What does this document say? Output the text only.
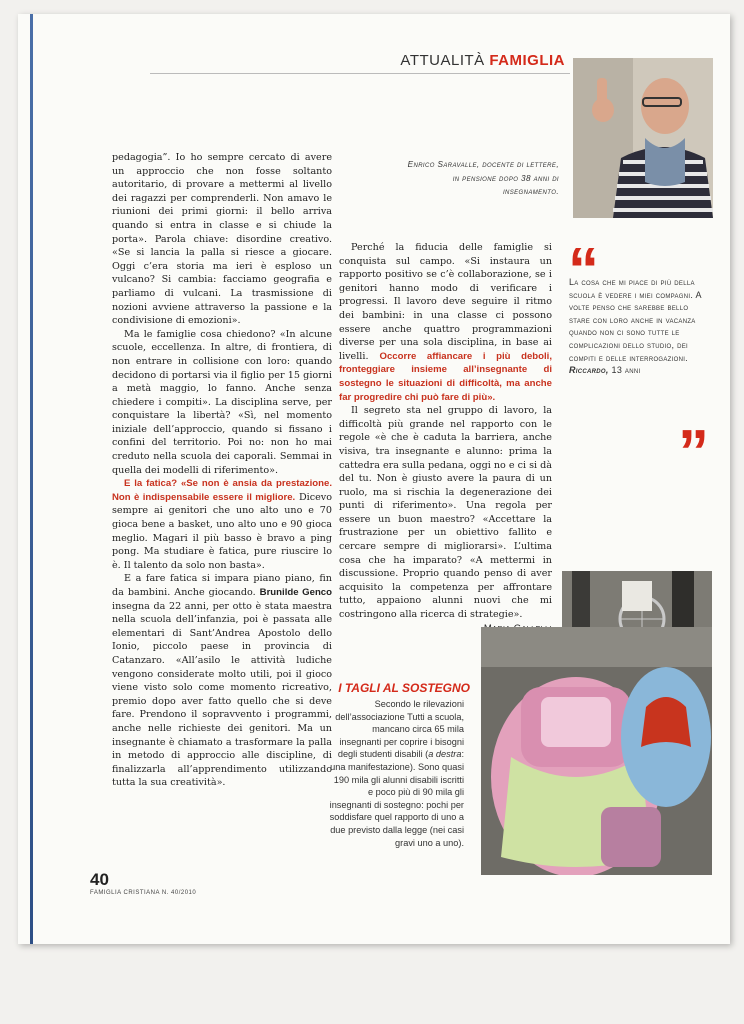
ATTUALITÀ FAMIGLIA
Enrico Saravalle, docente di lettere, in pensione dopo 38 anni di insegnamento.

pedagogia”. Io ho sempre cercato di avere un approccio che non fosse soltanto autoritario, di provare a mettermi al livello dei ragazzi per comprenderli. Non amavo le riunioni dei primi giorni: il bello arriva quando si entra in classe e si chiude la porta». Parola chiave: disordine creativo. «Se si lancia la palla si riesce a giocare. Oggi c’era storia ma ieri è esploso un vulcano? Si cambia: facciamo geografia e parliamo di vulcani. La trasmissione di nozioni avviene attraverso la passione e la condivisione di emozioni».

Ma le famiglie cosa chiedono? «In alcune scuole, eccellenza. In altre, di frontiera, di non entrare in collisione con loro: quando decidono di portarsi via il figlio per 15 giorni a metà maggio, lo fanno. Anche senza chiedere i compiti». La disciplina serve, per conquistare la libertà? «Sì, nel momento iniziale dell’approccio, quando si fissano i confini del territorio. Poi no: non ho mai creduto nella scuola dei caporali. Semmai in quella dei modelli di riferimento».

E la fatica? «Se non è ansia da prestazione. Non è indispensabile essere il migliore. Dicevo sempre ai genitori che uno alto uno e 70 gioca bene a basket, uno alto uno e 90 gioca meglio. Magari il più basso è bravo a ping pong. Ma studiare è fatica, pure riuscire lo è. Il talento da solo non basta».

E a fare fatica si impara piano piano, fin da bambini. Anche giocando. Brunilde Genco insegna da 22 anni, per otto è stata maestra nella scuola dell’infanzia, poi è passata alle elementari di Sant’Andrea Apostolo dello Ionio, piccolo paese in provincia di Catanzaro. «All’asilo le attività ludiche vengono considerate molto utili, poi il gioco viene visto solo come momento ricreativo, premio dopo aver fatto quello che si deve fare. Prendono il sopravvento i programmi, anche nelle richieste dei genitori. Ma un insegnante è chiamato a trasformare la palla in metodo di approccio alle discipline, di finalizzarla all’apprendimento utilizzando tutta la sua creatività».

Perché la fiducia delle famiglie si conquista sul campo. «Si instaura un rapporto positivo se c’è collaborazione, se i genitori hanno modo di verificare i progressi. Il lavoro deve seguire il ritmo dei bambini: in una classe ci possono essere anche quattro programmazioni diverse per una sola disciplina, in base ai livelli. Occorre affiancare i più deboli, fronteggiare insieme all’insegnante di sostegno le situazioni di difficoltà, ma anche far progredire chi può fare di più».

Il segreto sta nel gruppo di lavoro, la difficoltà più grande nel rapporto con le regole «è che è caduta la barriera, anche visiva, tra insegnante e alunno: prima la cattedra era sulla pedana, oggi no e ci si dà del tu. Non è giusto avere la paura di un ruolo, ma si rischia la degenerazione dei punti di riferimento». Una regola per essere un buon maestro? «Accettare la frustrazione per un obiettivo fallito e cercare sempre di migliorarsi». L’ultima cosa che ha imparato? «A mettermi in discussione. Proprio quando penso di aver acquisito la competenza per affrontare tutto, appaiono alunni nuovi che mi costringono alla ricerca di strategie».

“
La cosa che mi piace di più della scuola è vedere i miei compagni. A volte penso che sarebbe bello stare con loro anche in vacanza quando non ci sono tutte le complicazioni dello studio, dei compiti e delle interrogazioni. Riccardo, 13 anni
”
I TAGLI AL SOSTEGNO
Secondo le rilevazioni dell’associazione Tutti a scuola, mancano circa 65 mila insegnanti per coprire i bisogni degli studenti disabili (a destra: una manifestazione). Sono quasi 190 mila gli alunni disabili iscritti e poco più di 90 mila gli insegnanti di sostegno: pochi per soddisfare quel rapporto di uno a due previsto dalla legge (nei casi gravi uno a uno).
40
FAMIGLIA CRISTIANA N. 40/2010
